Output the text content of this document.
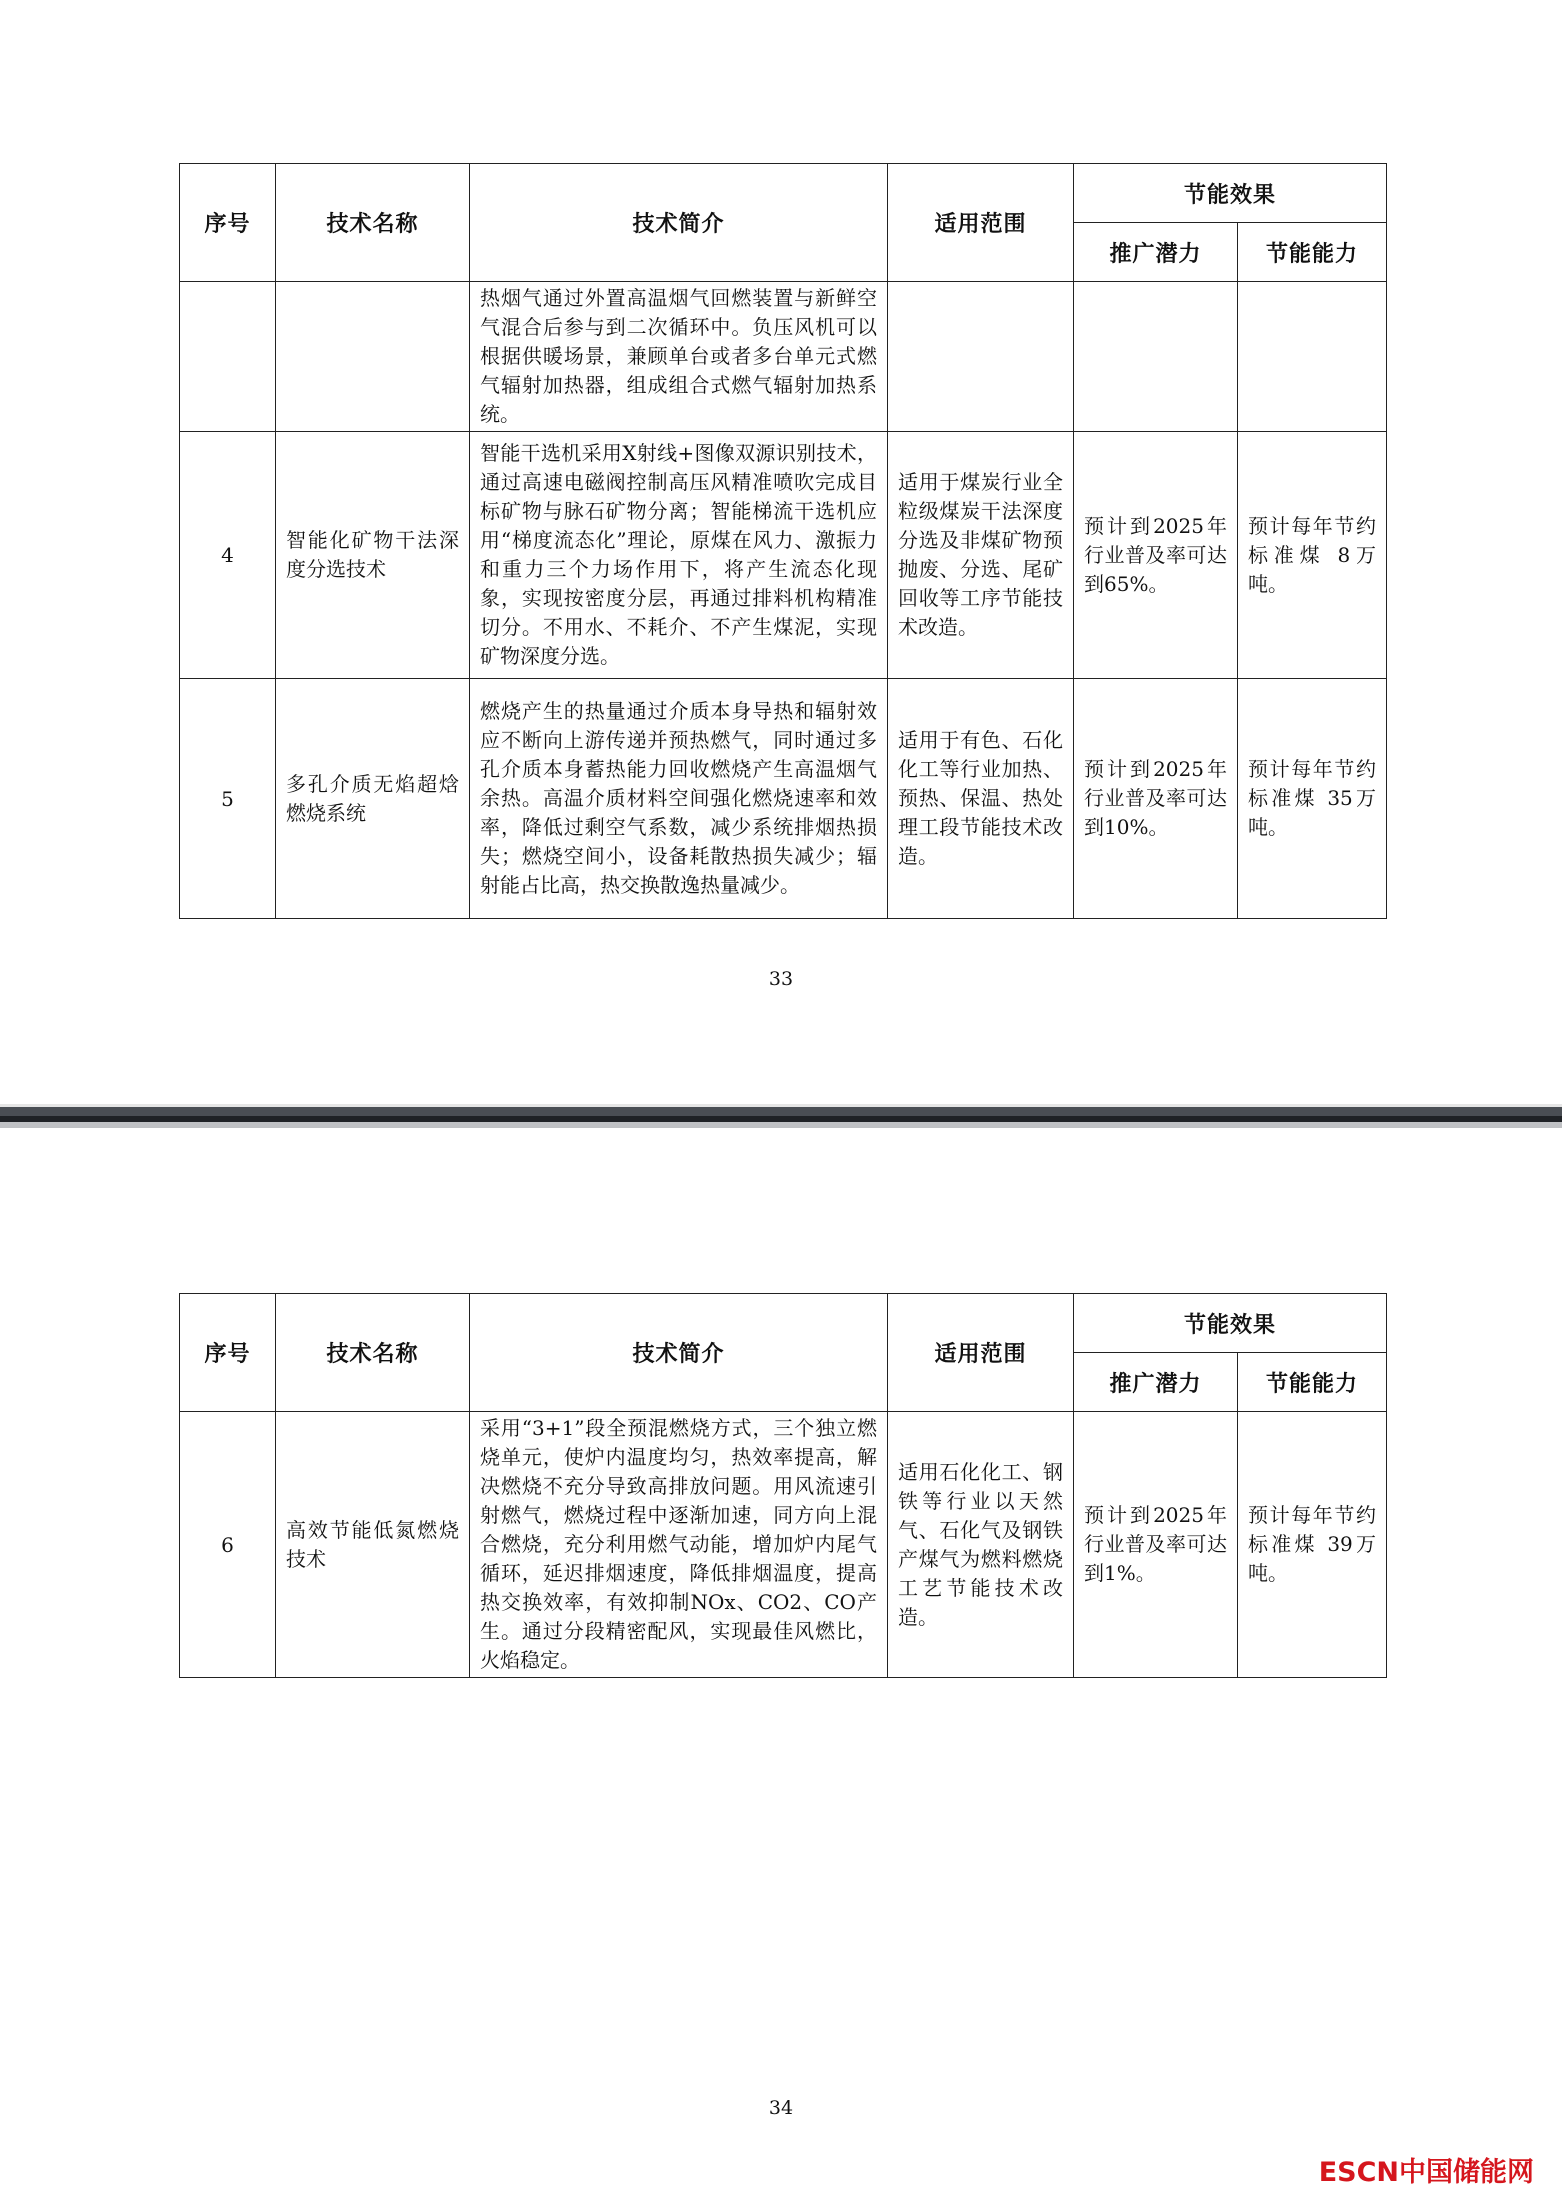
序号	技术名称	技术简介	适用范围	节能效果	
				推广潜力	节能能力

		热烟气通过外置高温烟气回燃装置与新鲜空气混合后参与到二次循环中。负压风机可以根据供暖场景，兼顾单台或者多台单元式燃气辐射加热器，组成组合式燃气辐射加热系统。			

4	智能化矿物干法深度分选技术	智能干选机采用X射线+图像双源识别技术，通过高速电磁阀控制高压风精准喷吹完成目标矿物与脉石矿物分离；智能梯流干选机应用“梯度流态化”理论，原煤在风力、激振力和重力三个力场作用下，将产生流态化现象，实现按密度分层，再通过排料机构精准切分。不用水、不耗介、不产生煤泥，实现矿物深度分选。	适用于煤炭行业全粒级煤炭干法深度分选及非煤矿物预抛废、分选、尾矿回收等工序节能技术改造。	预计到2025年行业普及率可达到65%。	预计每年节约标准煤 8万吨。

5	多孔介质无焰超焓燃烧系统	燃烧产生的热量通过介质本身导热和辐射效应不断向上游传递并预热燃气，同时通过多孔介质本身蓄热能力回收燃烧产生高温烟气余热。高温介质材料空间强化燃烧速率和效率，降低过剩空气系数，减少系统排烟热损失；燃烧空间小，设备耗散热损失减少；辐射能占比高，热交换散逸热量减少。	适用于有色、石化化工等行业加热、预热、保温、热处理工段节能技术改造。	预计到2025年行业普及率可达到10%。	预计每年节约标准煤 35万吨。
33
序号	技术名称	技术简介	适用范围	节能效果	
				推广潜力	节能能力
6	高效节能低氮燃烧技术	采用“3+1”段全预混燃烧方式，三个独立燃烧单元，使炉内温度均匀，热效率提高，解决燃烧不充分导致高排放问题。用风流速引射燃气，燃烧过程中逐渐加速，同方向上混合燃烧，充分利用燃气动能，增加炉内尾气循环，延迟排烟速度，降低排烟温度，提高热交换效率，有效抑制NOx、CO2、CO产生。通过分段精密配风，实现最佳风燃比，火焰稳定。	适用石化化工、钢铁等行业以天然气、石化气及钢铁产煤气为燃料燃烧工艺节能技术改造。	预计到2025年行业普及率可达到1%。	预计每年节约标准煤 39万吨。
34
ESCN中国储能网
